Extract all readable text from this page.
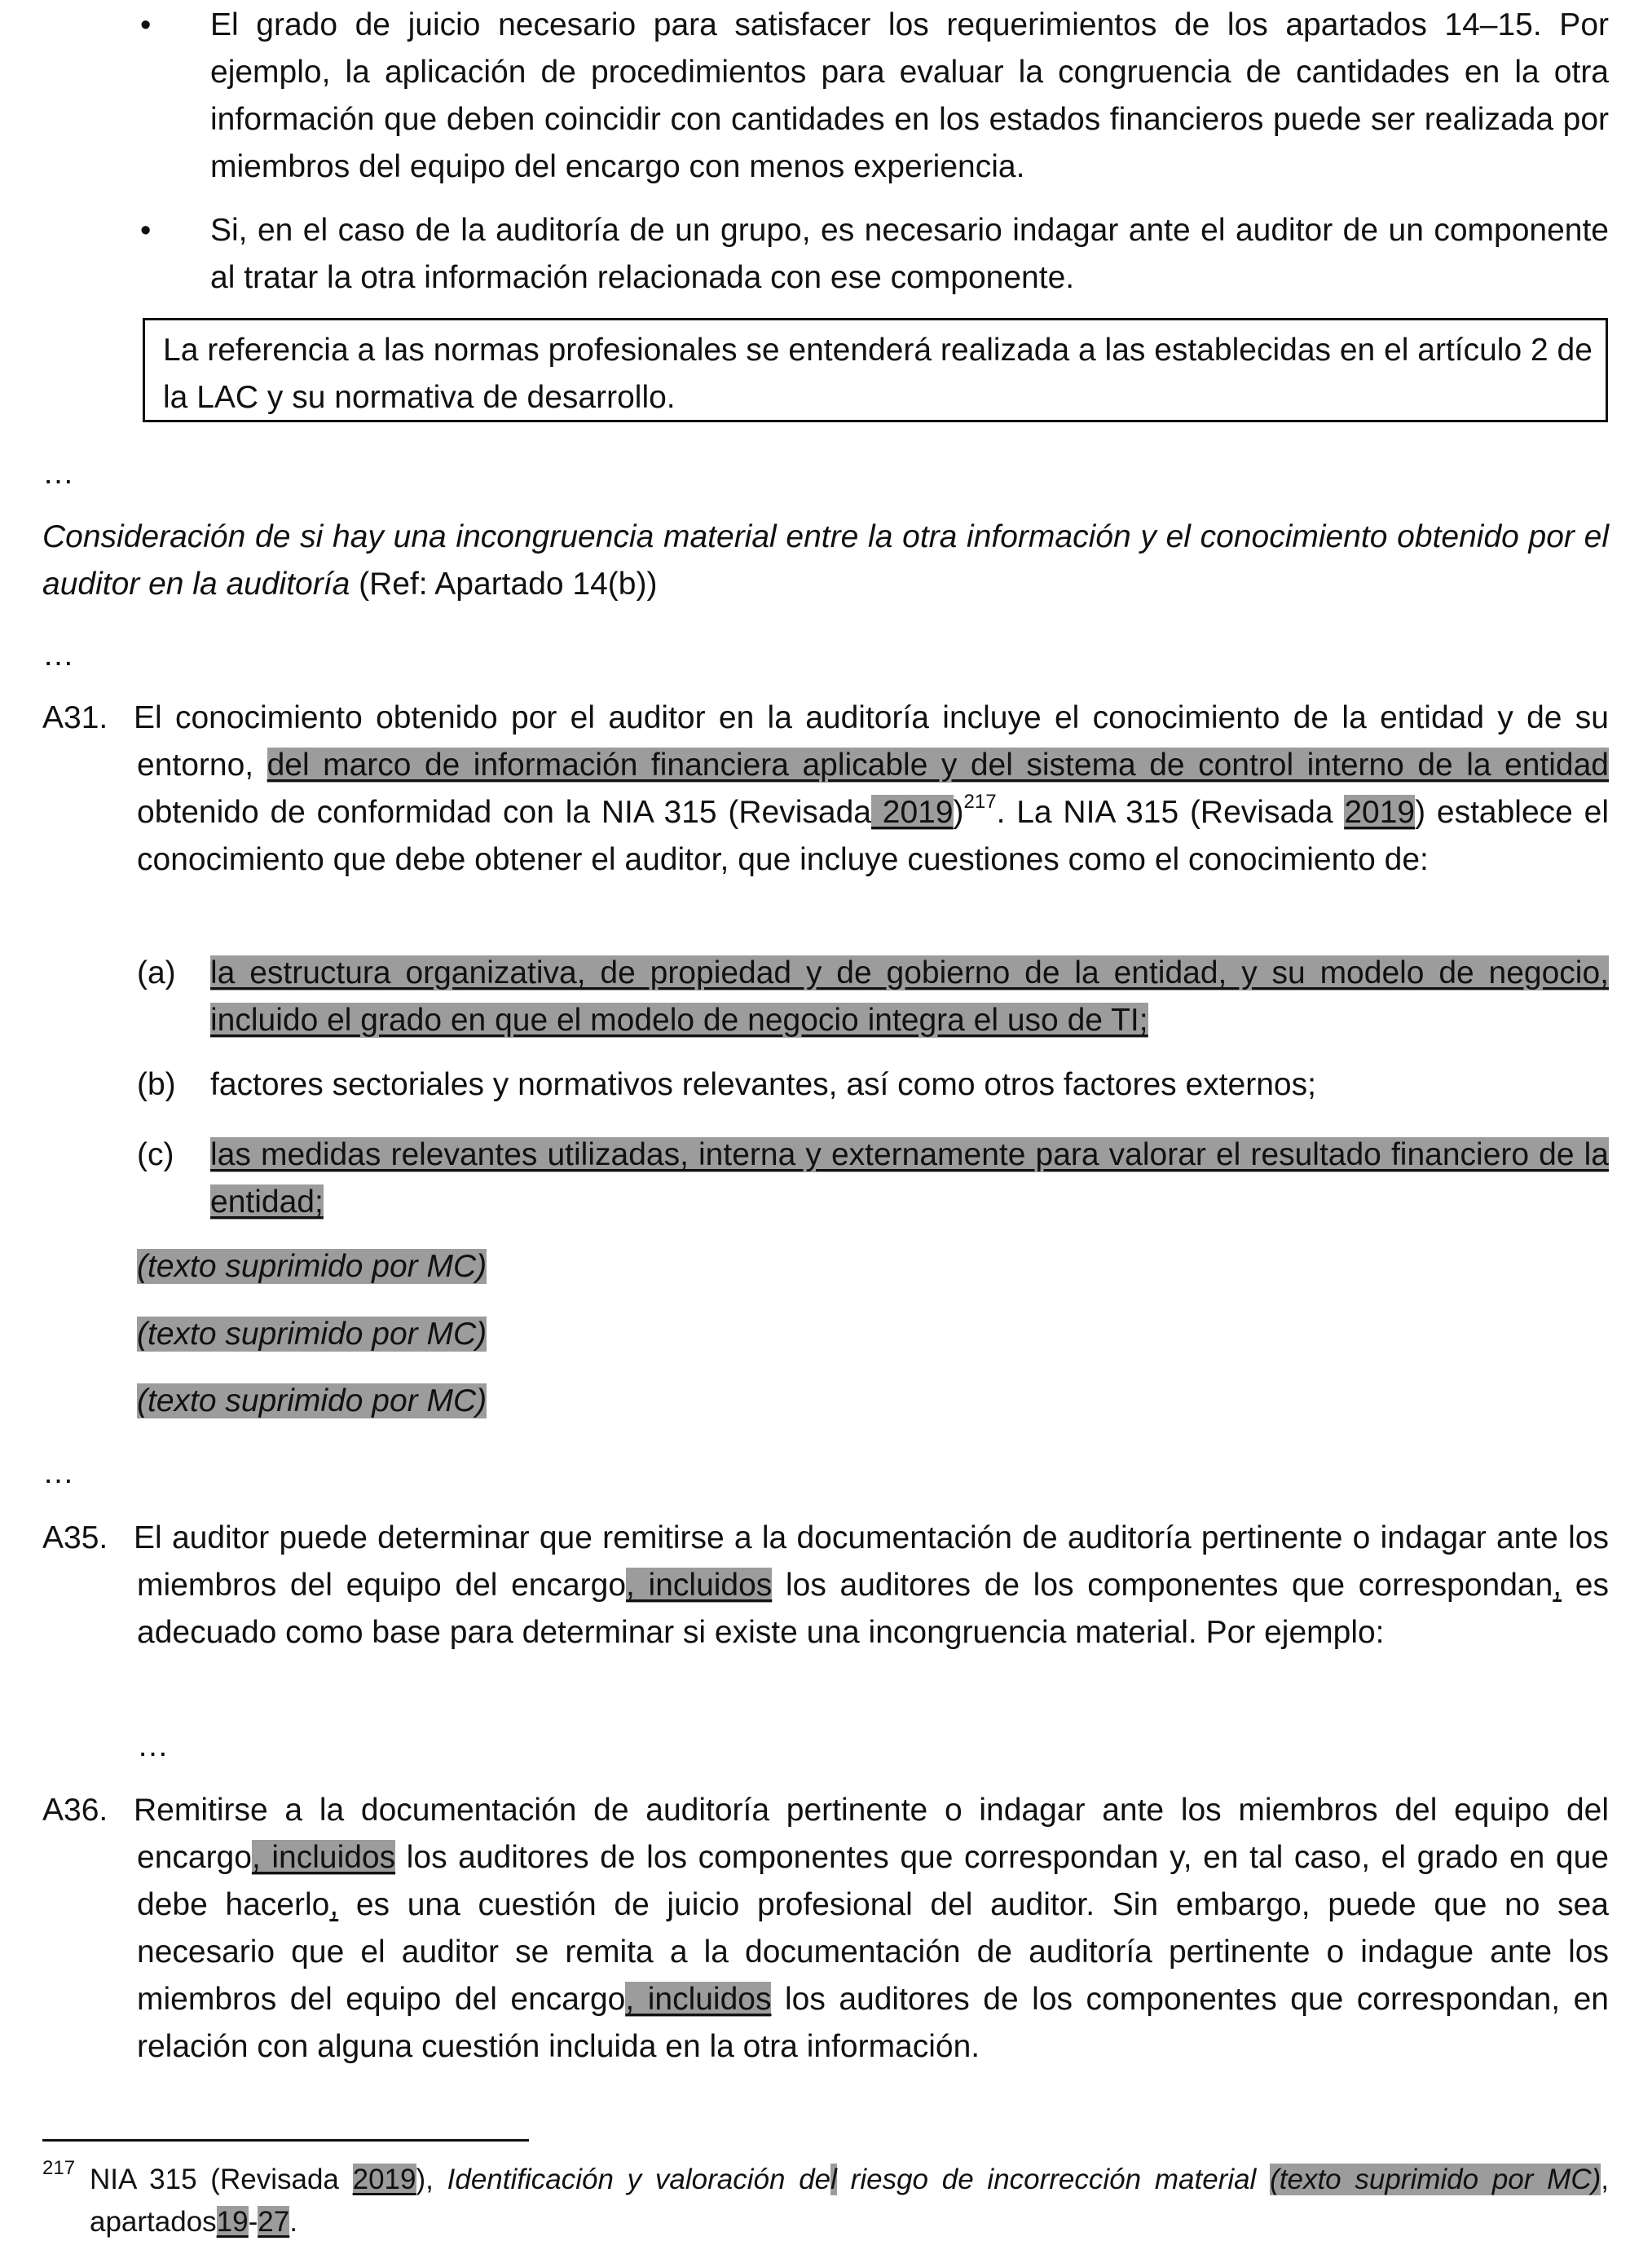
• El grado de juicio necesario para satisfacer los requerimientos de los apartados 14–15. Por ejemplo, la aplicación de procedimientos para evaluar la congruencia de cantidades en la otra información que deben coincidir con cantidades en los estados financieros puede ser realizada por miembros del equipo del encargo con menos experiencia.

• Si, en el caso de la auditoría de un grupo, es necesario indagar ante el auditor de un componente al tratar la otra información relacionada con ese componente.

La referencia a las normas profesionales se entenderá realizada a las establecidas en el artículo 2 de la LAC y su normativa de desarrollo.

…

Consideración de si hay una incongruencia material entre la otra información y el conocimiento obtenido por el auditor en la auditoría (Ref: Apartado 14(b))

…

A31. El conocimiento obtenido por el auditor en la auditoría incluye el conocimiento de la entidad y de su entorno, del marco de información financiera aplicable y del sistema de control interno de la entidad obtenido de conformidad con la NIA 315 (Revisada 2019)$^{217}$. La NIA 315 (Revisada 2019) establece el conocimiento que debe obtener el auditor, que incluye cuestiones como el conocimiento de:

(a) la estructura organizativa, de propiedad y de gobierno de la entidad, y su modelo de negocio, incluido el grado en que el modelo de negocio integra el uso de TI;

(b) factores sectoriales y normativos relevantes, así como otros factores externos;

(c) las medidas relevantes utilizadas, interna y externamente para valorar el resultado financiero de la entidad;

(texto suprimido por MC)

(texto suprimido por MC)

(texto suprimido por MC)

…

A35. El auditor puede determinar que remitirse a la documentación de auditoría pertinente o indagar ante los miembros del equipo del encargo, incluidos los auditores de los componentes que correspondan, es adecuado como base para determinar si existe una incongruencia material. Por ejemplo:

…

A36. Remitirse a la documentación de auditoría pertinente o indagar ante los miembros del equipo del encargo, incluidos los auditores de los componentes que correspondan y, en tal caso, el grado en que debe hacerlo, es una cuestión de juicio profesional del auditor. Sin embargo, puede que no sea necesario que el auditor se remita a la documentación de auditoría pertinente o indague ante los miembros del equipo del encargo, incluidos los auditores de los componentes que correspondan, en relación con alguna cuestión incluida en la otra información.

$^{217}$ NIA 315 (Revisada 2019), Identificación y valoración del riesgo de incorrección material (texto suprimido por MC), apartados19-27.
